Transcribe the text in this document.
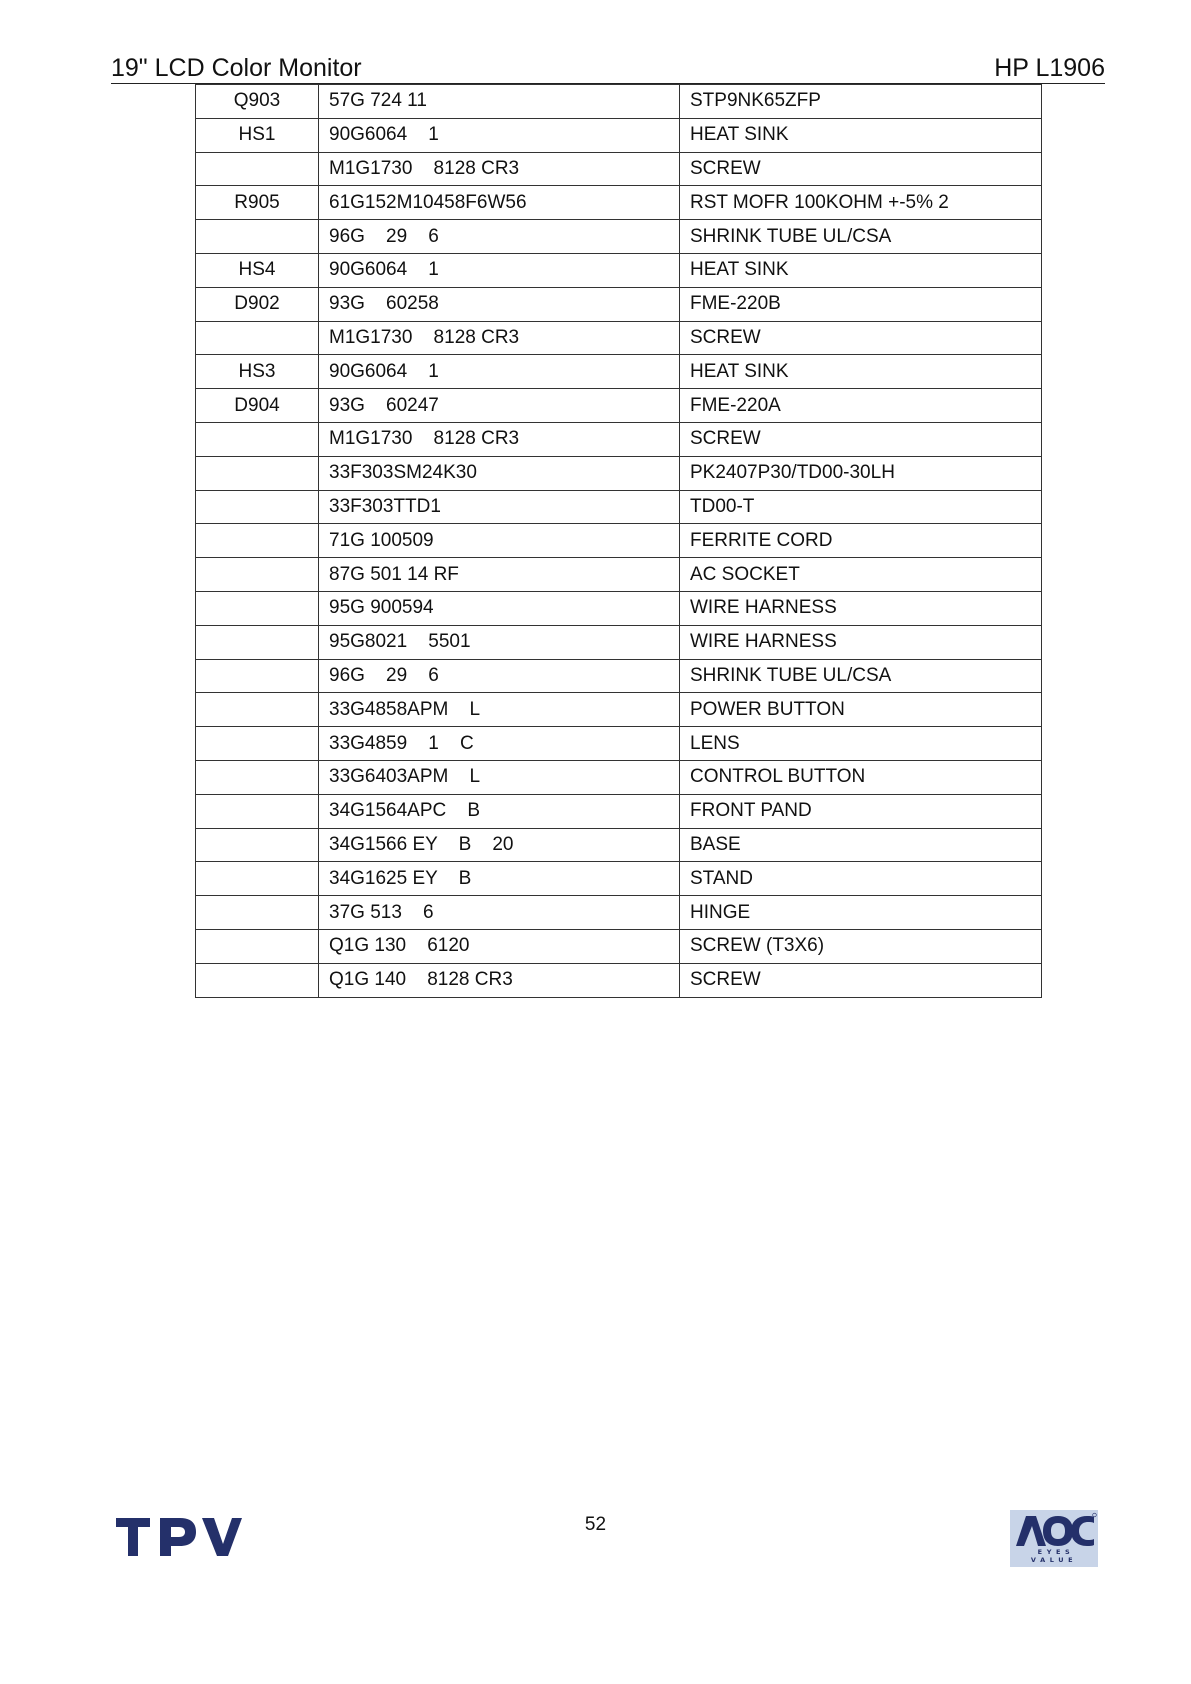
19" LCD Color Monitor	HP L1906
Q903	57G 724 11	STP9NK65ZFP
HS1	90G6064    1	HEAT SINK
	M1G1730    8128 CR3	SCREW
R905	61G152M10458F6W56	RST MOFR 100KOHM +-5% 2
	96G    29    6	SHRINK TUBE UL/CSA
HS4	90G6064    1	HEAT SINK
D902	93G    60258	FME-220B
	M1G1730    8128 CR3	SCREW
HS3	90G6064    1	HEAT SINK
D904	93G    60247	FME-220A
	M1G1730    8128 CR3	SCREW
	33F303SM24K30	PK2407P30/TD00-30LH
	33F303TTD1	TD00-T
	71G 100509	FERRITE CORD
	87G 501 14 RF	AC SOCKET
	95G 900594	WIRE HARNESS
	95G8021    5501	WIRE HARNESS
	96G    29    6	SHRINK TUBE UL/CSA
	33G4858APM    L	POWER BUTTON
	33G4859    1    C	LENS
	33G6403APM    L	CONTROL BUTTON
	34G1564APC    B	FRONT PAND
	34G1566 EY    B    20	BASE
	34G1625 EY    B	STAND
	37G 513    6	HINGE
	Q1G 130    6120	SCREW (T3X6)
	Q1G 140    8128 CR3	SCREW
52
EYES VALUE
